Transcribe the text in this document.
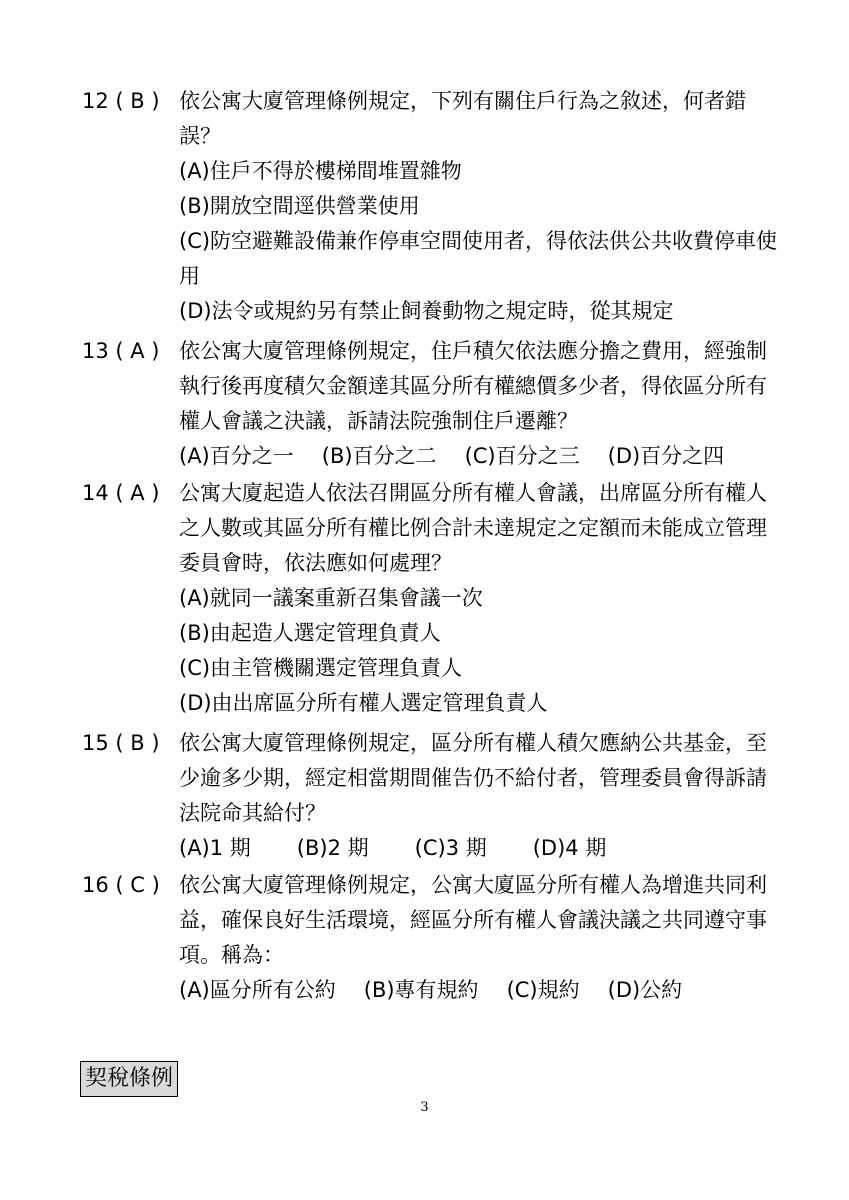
12 ( B ) 依公寓大廈管理條例規定，下列有關住戶行為之敘述，何者錯誤？
(A)住戶不得於樓梯間堆置雜物
(B)開放空間逕供營業使用
(C)防空避難設備兼作停車空間使用者，得依法供公共收費停車使用
(D)法令或規約另有禁止飼養動物之規定時，從其規定
13 ( A ) 依公寓大廈管理條例規定，住戶積欠依法應分擔之費用，經強制執行後再度積欠金額達其區分所有權總價多少者，得依區分所有權人會議之決議，訴請法院強制住戶遷離？
(A)百分之一 (B)百分之二 (C)百分之三 (D)百分之四
14 ( A ) 公寓大廈起造人依法召開區分所有權人會議，出席區分所有權人之人數或其區分所有權比例合計未達規定之定額而未能成立管理委員會時，依法應如何處理？
(A)就同一議案重新召集會議一次
(B)由起造人選定管理負責人
(C)由主管機關選定管理負責人
(D)由出席區分所有權人選定管理負責人
15 ( B ) 依公寓大廈管理條例規定，區分所有權人積欠應納公共基金，至少逾多少期，經定相當期間催告仍不給付者，管理委員會得訴請法院命其給付？
(A)1 期 (B)2 期 (C)3 期 (D)4 期
16 ( C ) 依公寓大廈管理條例規定，公寓大廈區分所有權人為增進共同利益，確保良好生活環境，經區分所有權人會議決議之共同遵守事項。稱為：
(A)區分所有公約 (B)專有規約 (C)規約 (D)公約
契稅條例
3
